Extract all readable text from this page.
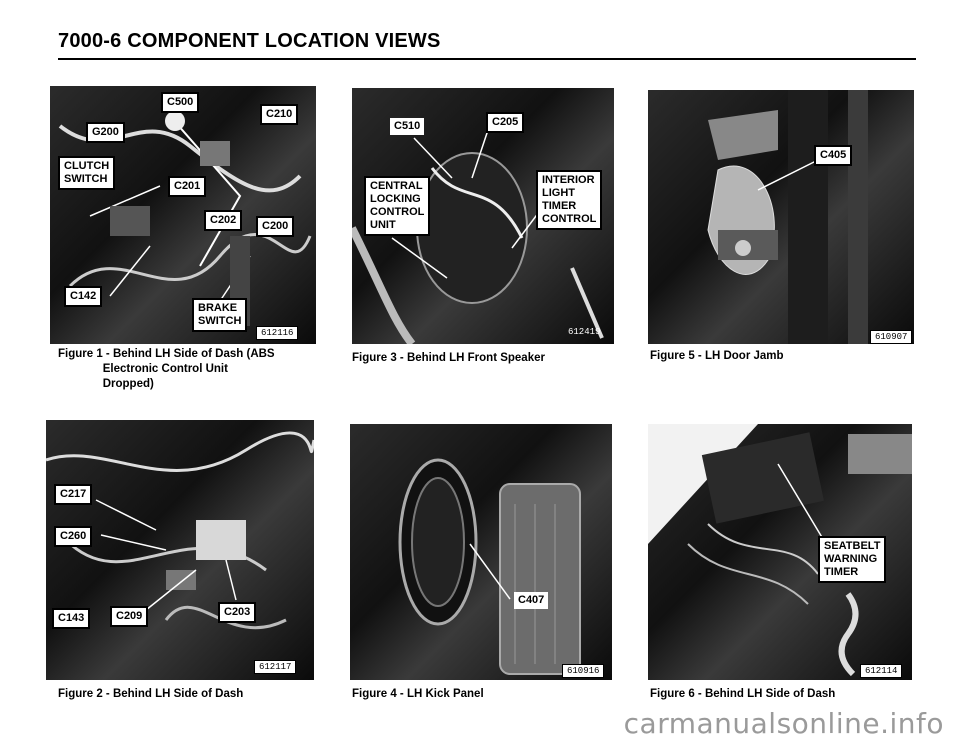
7000-6 COMPONENT LOCATION VIEWS
C500
C210
G200
CLUTCH
SWITCH
C201
C202	C200
C142
BRAKE
SWITCH
612116
Figure 1 - Behind LH Side of Dash (ABS
Electronic Control Unit
Dropped)
C510	C205
CENTRAL
LOCKING
CONTROL
UNIT
INTERIOR
LIGHT
TIMER
CONTROL
612419
Figure 3 - Behind LH Front Speaker
C405
610907
Figure 5 - LH Door Jamb
C217
C260
C143	C209	C203
612117
Figure 2 - Behind LH Side of Dash
C407
610916
Figure 4 - LH Kick Panel
SEATBELT
WARNING
TIMER
612114
Figure 6 - Behind LH Side of Dash
carmanualsonline.info
